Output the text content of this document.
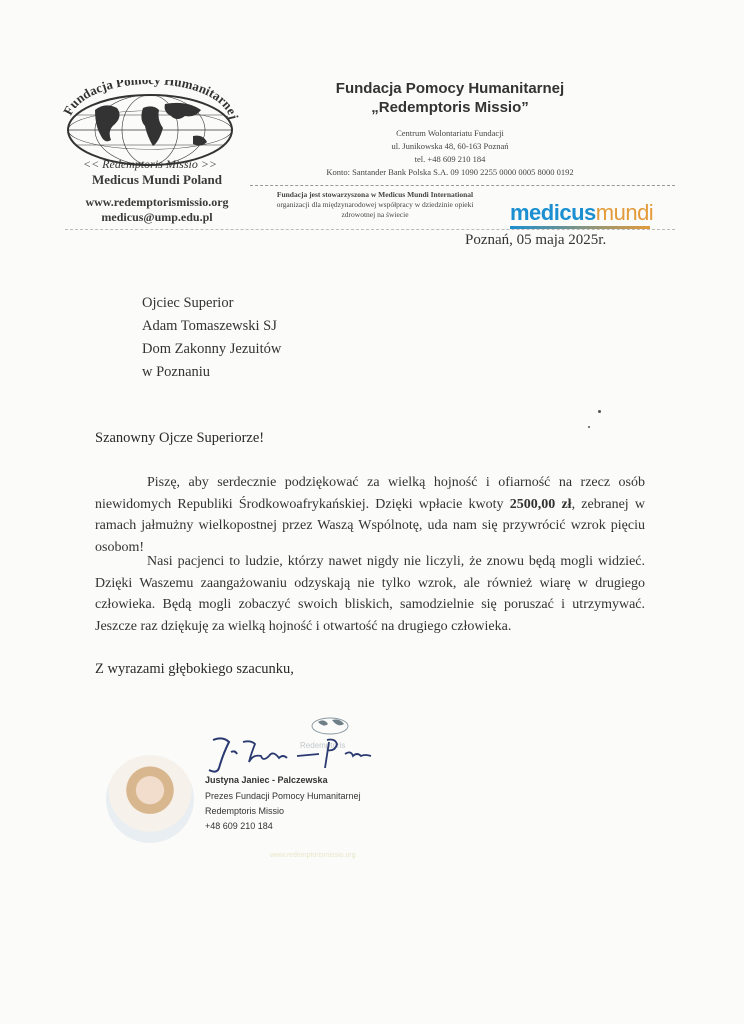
Fundacja Pom Humanitarnej
<< Redemptoris Missio >>
Medicus Mundi Poland
www.redemptorismissio.org
medicus@ump.edu.pl
Fundacja Pomocy Humanitarnej
„Redemptoris Missio”
Centrum Wolontariatu Fundacji
ul. Junikowska 48, 60-163 Poznań
tel. +48 609 210 184
Konto: Santander Bank Polska S.A. 09 1090 2255 0000 0005 8000 0192
Fundacja jest stowarzyszona w Medicus Mundi International
organizacji dla międzynarodowej współpracy w dziedzinie opieki
zdrowotnej na świecie	medicusmundi
Poznań, 05 maja 2025r.
Ojciec Superior
Adam Tomaszewski SJ
Dom Zakonny Jezuitów
w Poznaniu
Szanowny Ojcze Superiorze!

Piszę, aby serdecznie podziękować za wielką hojność i ofiarność na rzecz osób niewidomych Republiki Środkowoafrykańskiej. Dzięki wpłacie kwoty 2500,00 zł, zebranej w ramach jałmużny wielkopostnej przez Waszą Wspólnotę, uda nam się przywrócić wzrok pięciu osobom!

Nasi pacjenci to ludzie, którzy nawet nigdy nie liczyli, że znowu będą mogli widzieć. Dzięki Waszemu zaangażowaniu odzyskają nie tylko wzrok, ale również wiarę w drugiego człowieka. Będą mogli zobaczyć swoich bliskich, samodzielnie się poruszać i utrzymywać. Jeszcze raz dziękuję za wielką hojność i otwartość na drugiego człowieka.

Z wyrazami głębokiego szacunku,
Redemptoris
Justyna Janiec - Palczewska
Prezes Fundacji Pomocy Humanitarnej
Redemptoris Missio
+48 609 210 184
www.redemptorismissio.org
